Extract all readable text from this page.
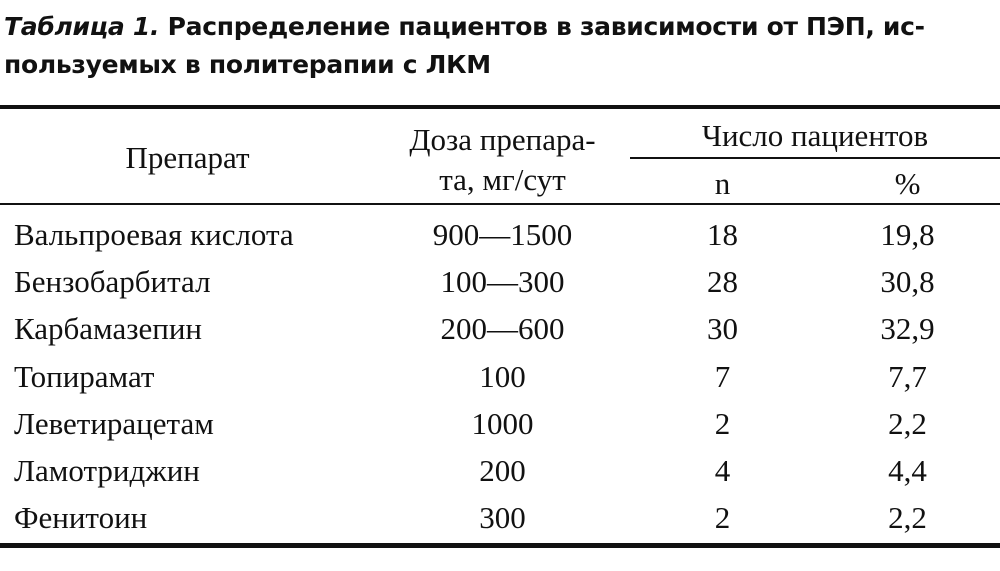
Таблица 1. Распределение пациентов в зависимости от ПЭП, ис-
пользуемых в политерапии с ЛКМ
Препарат
Доза препара-
та, мг/сут
Число пациентов
n	%
Вальпроевая кислота	900—1500	18	19,8
Бензобарбитал	100—300	28	30,8
Карбамазепин	200—600	30	32,9
Топирамат	100	7	7,7
Леветирацетам	1000	2	2,2
Ламотриджин	200	4	4,4
Фенитоин	300	2	2,2
